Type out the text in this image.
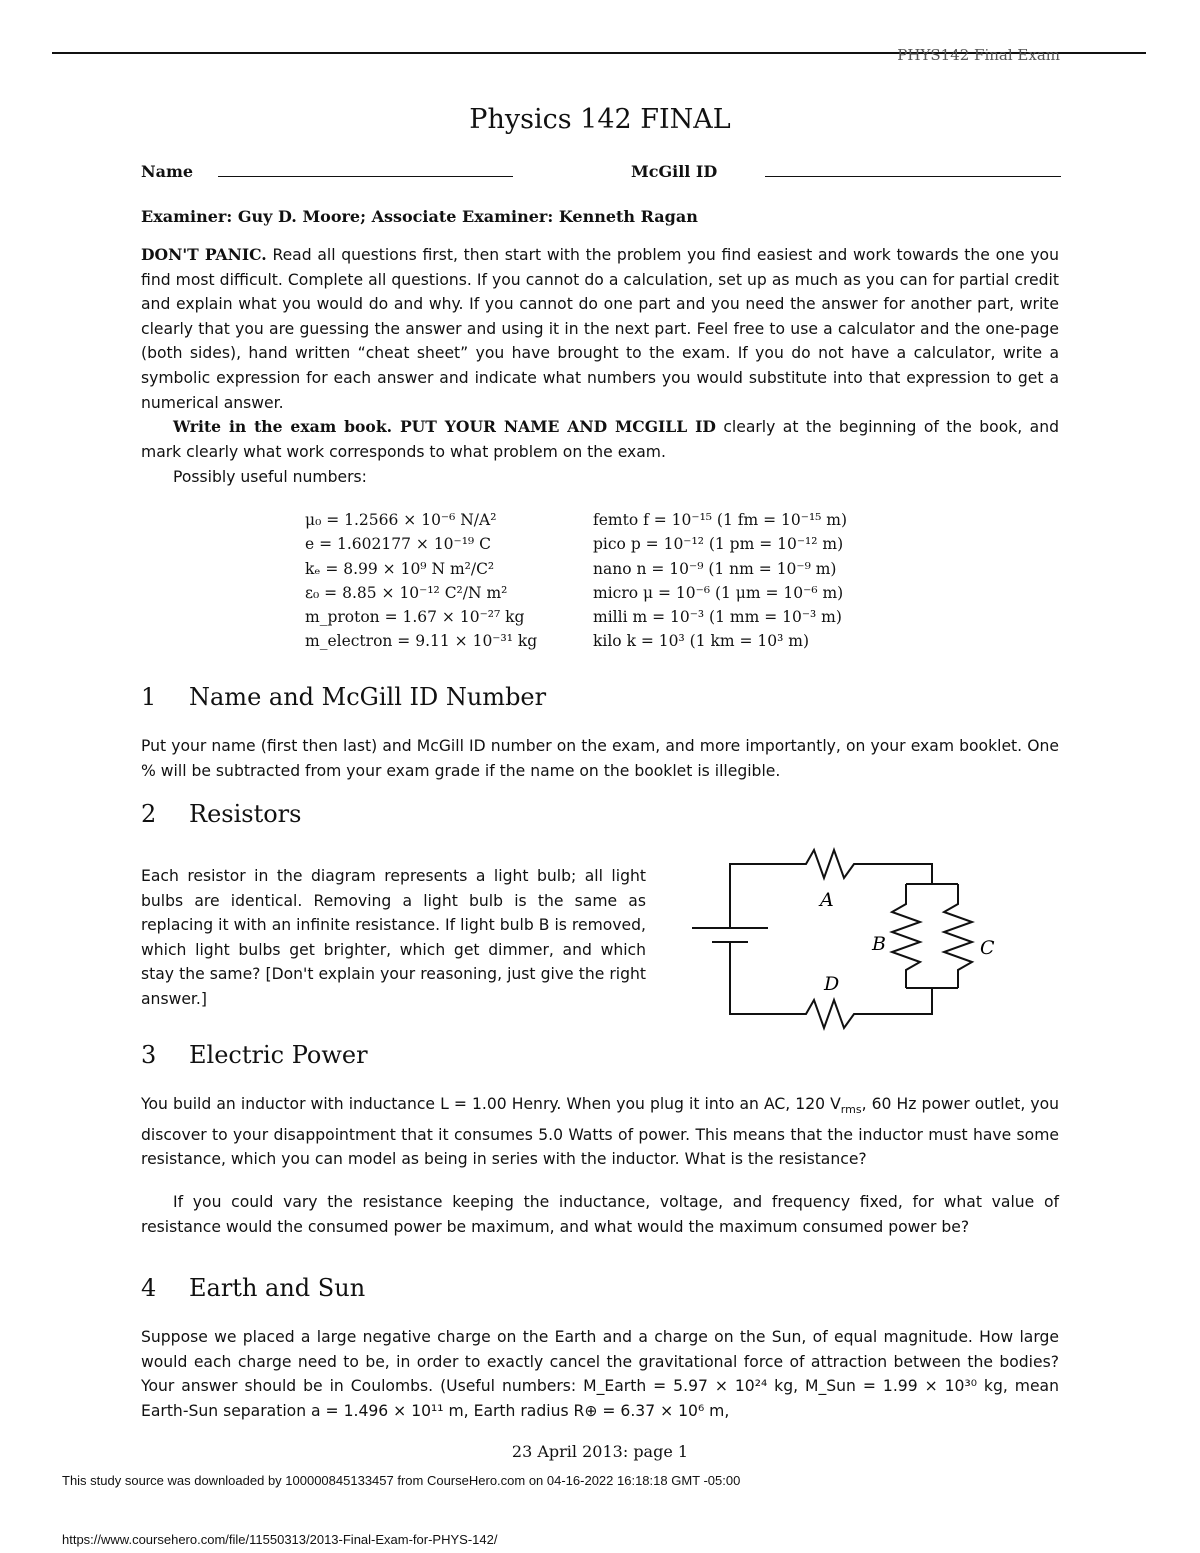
PHYS142 Final Exam
Physics 142 FINAL
Name	McGill ID
Examiner: Guy D. Moore; Associate Examiner: Kenneth Ragan
DON'T PANIC. Read all questions first, then start with the problem you find easiest and work towards the one you find most difficult. Complete all questions. If you cannot do a calculation, set up as much as you can for partial credit and explain what you would do and why. If you cannot do one part and you need the answer for another part, write clearly that you are guessing the answer and using it in the next part. Feel free to use a calculator and the one-page (both sides), hand written “cheat sheet” you have brought to the exam. If you do not have a calculator, write a symbolic expression for each answer and indicate what numbers you would substitute into that expression to get a numerical answer.
Write in the exam book. PUT YOUR NAME AND MCGILL ID clearly at the beginning of the book, and mark clearly what work corresponds to what problem on the exam.
Possibly useful numbers:
μ₀ = 1.2566 × 10⁻⁶ N/A²
e = 1.602177 × 10⁻¹⁹ C
kₑ = 8.99 × 10⁹ N m²/C²
ε₀ = 8.85 × 10⁻¹² C²/N m²
m_proton = 1.67 × 10⁻²⁷ kg
m_electron = 9.11 × 10⁻³¹ kg
femto f = 10⁻¹⁵ (1 fm = 10⁻¹⁵ m)
pico p = 10⁻¹² (1 pm = 10⁻¹² m)
nano n = 10⁻⁹ (1 nm = 10⁻⁹ m)
micro μ = 10⁻⁶ (1 μm = 10⁻⁶ m)
milli m = 10⁻³ (1 mm = 10⁻³ m)
kilo k = 10³ (1 km = 10³ m)
1 Name and McGill ID Number
Put your name (first then last) and McGill ID number on the exam, and more importantly, on your exam booklet. One % will be subtracted from your exam grade if the name on the booklet is illegible.
2 Resistors
Each resistor in the diagram represents a light bulb; all light bulbs are identical. Removing a light bulb is the same as replacing it with an infinite resistance. If light bulb B is removed, which light bulbs get brighter, which get dimmer, and which stay the same? [Don't explain your reasoning, just give the right answer.]
A
B	C
D
3 Electric Power
You build an inductor with inductance L = 1.00 Henry. When you plug it into an AC, 120 $V_{rms}$, 60 Hz power outlet, you discover to your disappointment that it consumes 5.0 Watts of power. This means that the inductor must have some resistance, which you can model as being in series with the inductor. What is the resistance?
If you could vary the resistance keeping the inductance, voltage, and frequency fixed, for what value of resistance would the consumed power be maximum, and what would the maximum consumed power be?
4 Earth and Sun
Suppose we placed a large negative charge on the Earth and a charge on the Sun, of equal magnitude. How large would each charge need to be, in order to exactly cancel the gravitational force of attraction between the bodies? Your answer should be in Coulombs. (Useful numbers: M_Earth = 5.97 × 10²⁴ kg, M_Sun = 1.99 × 10³⁰ kg, mean Earth-Sun separation a = 1.496 × 10¹¹ m, Earth radius R⊕ = 6.37 × 10⁶ m,
23 April 2013: page 1
This study source was downloaded by 100000845133457 from CourseHero.com on 04-16-2022 16:18:18 GMT -05:00
https://www.coursehero.com/file/11550313/2013-Final-Exam-for-PHYS-142/
